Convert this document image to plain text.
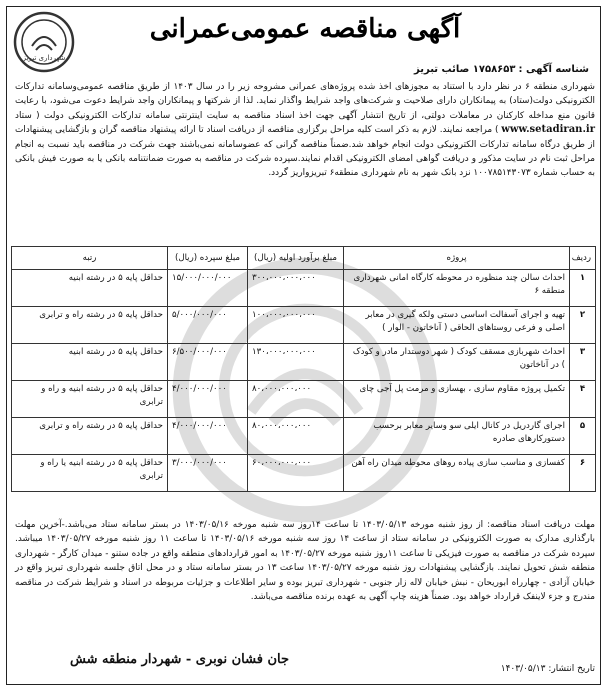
شهرداری تبریز
آگهی مناقصه عمومی‌عمرانی
شناسه آگهی :۱۷۵۸۶۵۳ صائب تبریز
شهرداری منطقه ۶ در نظر دارد با استناد به مجوزهای اخذ شده پروژه‌های عمرانی مشروحه زیر را در سال ۱۴۰۳ از طریق مناقصه عمومی‌وسامانه تدارکات الکترونیکی دولت(ستاد) به پیمانکاران دارای صلاحیت و شرکت‌های واجد شرایط واگذار نماید. لذا از شرکتها و پیمانکاران واجد شرایط دعوت می‌شود، با رعایت قانون منع مداخله کارکنان در معاملات دولتی، از تاریخ انتشار آگهی جهت اخذ اسناد مناقصه به سایت اینترنتی سامانه تدارکات الکترونیکی دولت ( ستاد www.setadiran.ir ) مراجعه نمایند. لازم به ذکر است کلیه مراحل برگزاری مناقصه از دریافت اسناد تا ارائه پیشنهاد مناقصه گران و بازگشایی پیشنهادات از طریق درگاه سامانه تدارکات الکترونیکی دولت انجام خواهد شد.ضمناً مناقصه گرانی که عضوسامانه نمی‌باشند جهت شرکت در مناقصه باید نسبت به انجام مراحل ثبت نام در سایت مذکور و دریافت گواهی امضای الکترونیکی اقدام نمایند.سپرده شرکت در مناقصه به صورت ضمانتنامه بانکی یا به صورت فیش بانکی به حساب شماره ۱۰۰۷۸۵۱۴۳۰۷۳ نزد بانک شهر به نام شهرداری منطقه۶ تبریزواریز گردد.
ردیف	پروژه	مبلغ برآورد اولیه (ریال)	مبلغ سپرده (ریال)	رتبه
۱	احداث سالن چند منظوره در محوطه کارگاه امانی شهرداری منطقه ۶	۳۰۰،۰۰۰،۰۰۰،۰۰۰	۱۵/۰۰۰/۰۰۰/۰۰۰	حداقل پایه ۵ در رشته ابنیه
۲	تهیه و اجرای آسفالت اساسی دستی ولکه گیری در معابر اصلی و فرعی روستاهای الحاقی ( آناخاتون - الوار )	۱۰۰،۰۰۰،۰۰۰،۰۰۰	۵/۰۰۰/۰۰۰/۰۰۰	حداقل پایه ۵ در رشته راه و ترابری
۳	احداث شهربازی مسقف کودک ( شهر دوستدار مادر و کودک ) در آناخاتون	۱۳۰،۰۰۰،۰۰۰،۰۰۰	۶/۵۰۰/۰۰۰/۰۰۰	حداقل پایه ۵ در رشته ابنیه
۴	تکمیل پروژه مقاوم سازی ، بهسازی و مرمت پل آجی چای	۸۰،۰۰۰،۰۰۰،۰۰۰	۴/۰۰۰/۰۰۰/۰۰۰	حداقل پایه ۵ در رشته ابنیه و راه و ترابری
۵	اجرای گاردریل در کانال ایلی سو وسایر معابر برحسب دستورکارهای صادره	۸۰،۰۰۰،۰۰۰،۰۰۰	۴/۰۰۰/۰۰۰/۰۰۰	حداقل پایه ۵ در رشته راه و ترابری
۶	کفسازی و مناسب سازی پیاده روهای محوطه میدان راه آهن	۶۰،۰۰۰،۰۰۰،۰۰۰	۳/۰۰۰/۰۰۰/۰۰۰	حداقل پایه ۵ در رشته ابنیه یا راه و ترابری
مهلت دریافت اسناد مناقصه: از روز شنبه مورخه ۱۴۰۳/۰۵/۱۳ تا ساعت ۱۴روز سه شنبه مورخه ۱۴۰۳/۰۵/۱۶ در بستر سامانه ستاد می‌باشد.-آخرین مهلت بارگذاری مدارک به صورت الکترونیکی در سامانه ستاد از ساعت ۱۴ روز سه شنبه مورخه ۱۴۰۳/۰۵/۱۶ تا ساعت ۱۱ روز شنبه مورخه ۱۴۰۳/۰۵/۲۷ میباشد. سپرده شرکت در مناقصه به صورت فیزیکی تا ساعت ۱۱روز شنبه مورخه ۱۴۰۳/۰۵/۲۷ به امور قراردادهای منطقه واقع در جاده ستنو - میدان کارگر - شهرداری منطقه شش تحویل نمایند. بازگشایی پیشنهادات روز شنبه مورخه ۱۴۰۳/۰۵/۲۷ ساعت ۱۳ در بستر سامانه ستاد و در محل اتاق جلسه شهرداری تبریز واقع در خیابان آزادی - چهارراه ابوریحان - نبش خیابان لاله زار جنوبی - شهرداری تبریز بوده و سایر اطلاعات و جزئیات مربوطه در اسناد و شرایط شرکت در مناقصه مندرج و جزء لاینفک قرارداد خواهد بود. ضمناً هزینه چاپ آگهی به عهده برنده مناقصه می‌باشد.
جان فشان نوبری - شهردار منطقه شش
تاریخ انتشار: ۱۴۰۳/۰۵/۱۳
